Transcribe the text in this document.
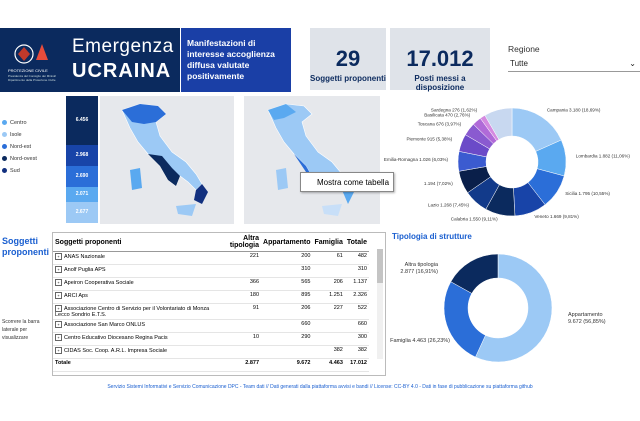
PROTEZIONE CIVILE
Presidenza del Consiglio dei Ministri
Dipartimento della Protezione Civile
Emergenza
UCRAINA
Manifestazioni di interesse accoglienza diffusa valutate positivamente
29
Soggetti proponenti
17.012
Posti messi a disposizione
Regione
Tutte	⌄
Centro
Isole
Nord-est
Nord-ovest
Sud
6.456
2.968
2.690
2.071
2.677
Mostra come tabella
Campania 3.180 (18,69%)
Lombardia 1.882 (11,06%)
Sicilia 1.795 (10,55%)
Veneto 1.669 (9,81%)
Calabria 1.550 (9,11%)
Lazio 1.268 (7,45%)
1.194 (7,02%)
Emilia-Romagna 1.026 (6,03%)
Piemonte 915 (5,38%)
Toscana 676 (3,97%)
Basilicata 470 (2,76%)
Sardegna 276 (1,62%)
Soggetti proponenti
Scorrere la barra laterale per visualizzare
Soggetti proponenti	Altra tipologia	Appartamento	Famiglia	Totale
+ ANAS Nazionale	221	200	61	482
+ Anolf Puglia APS		310		310
+ Apeiron Cooperativa Sociale	366	565	206	1.137
+ ARCI Aps	180	895	1.251	2.326
+ Associazione Centro di Servizio per il Volontariato di Monza Lecco Sondrio E.T.S.	91	206	227	522
+ Associazione San Marco ONLUS		660		660
+ Centro Educativo Diocesano Regina Pacis	10	290		300
+ CIDAS Soc. Coop. A.R.L. Impresa Sociale			382	382
Totale	2.877	9.672	4.463	17.012
Tipologia di strutture
Appartamento
9.672 (56,85%)
Famiglia 4.463 (26,23%)
Altra tipologia
2.877 (16,91%)
Servizio Sistemi Informativi e Servizio Comunicazione DPC - Team dati // Dati generati dalla piattaforma avvisi e bandi // License: CC-BY 4.0 - Dati in fase di pubblicazione su piattaforma github
